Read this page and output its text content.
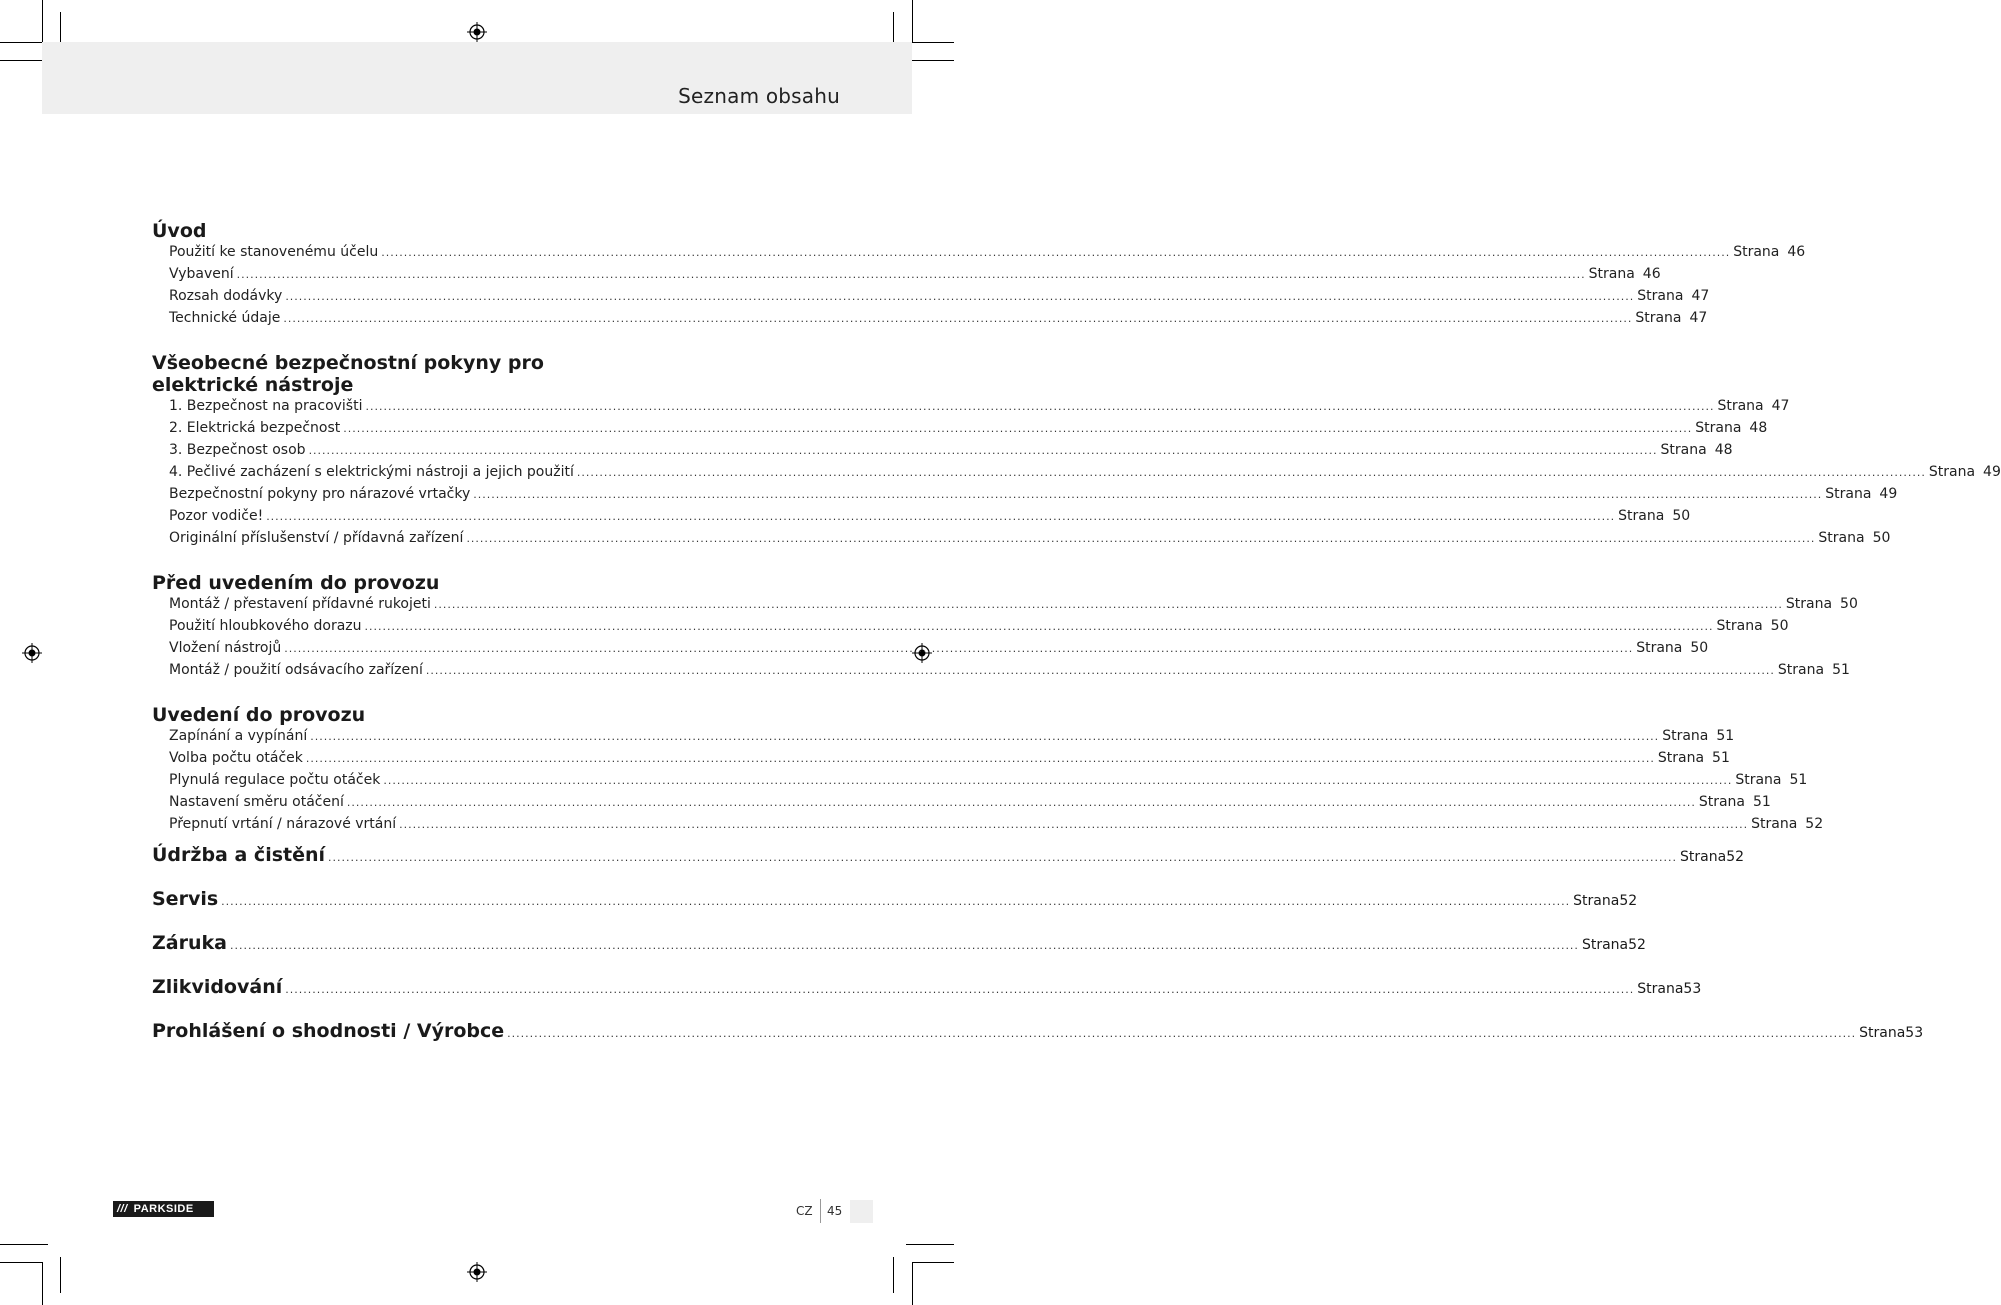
Seznam obsahu
Úvod
Použití ke stanovenému účelu ............................................................................................................................................................................................................................................................................................................ Strana 46
Vybavení ............................................................................................................................................................................................................................................................................................................ Strana 46
Rozsah dodávky ............................................................................................................................................................................................................................................................................................................ Strana 47
Technické údaje ............................................................................................................................................................................................................................................................................................................ Strana 47
Všeobecné bezpečnostní pokyny pro
elektrické nástroje
1. Bezpečnost na pracovišti ............................................................................................................................................................................................................................................................................................................ Strana 47
2. Elektrická bezpečnost ............................................................................................................................................................................................................................................................................................................ Strana 48
3. Bezpečnost osob ............................................................................................................................................................................................................................................................................................................ Strana 48
4. Pečlivé zacházení s elektrickými nástroji a jejich použití ............................................................................................................................................................................................................................................................................................................ Strana 49
Bezpečnostní pokyny pro nárazové vrtačky ............................................................................................................................................................................................................................................................................................................ Strana 49
Pozor vodiče! ............................................................................................................................................................................................................................................................................................................ Strana 50
Originální příslušenství / přídavná zařízení ............................................................................................................................................................................................................................................................................................................ Strana 50
Před uvedením do provozu
Montáž / přestavení přídavné rukojeti ............................................................................................................................................................................................................................................................................................................ Strana 50
Použití hloubkového dorazu ............................................................................................................................................................................................................................................................................................................ Strana 50
Vložení nástrojů ............................................................................................................................................................................................................................................................................................................ Strana 50
Montáž / použití odsávacího zařízení ............................................................................................................................................................................................................................................................................................................ Strana 51
Uvedení do provozu
Zapínání a vypínání ............................................................................................................................................................................................................................................................................................................ Strana 51
Volba počtu otáček ............................................................................................................................................................................................................................................................................................................ Strana 51
Plynulá regulace počtu otáček ............................................................................................................................................................................................................................................................................................................ Strana 51
Nastavení směru otáčení ............................................................................................................................................................................................................................................................................................................ Strana 51
Přepnutí vrtání / nárazové vrtání ............................................................................................................................................................................................................................................................................................................ Strana 52
Údržba a čistění ............................................................................................................................................................................................................................................................................................................ Strana 52
Servis ............................................................................................................................................................................................................................................................................................................ Strana 52
Záruka ............................................................................................................................................................................................................................................................................................................ Strana 52
Zlikvidování ............................................................................................................................................................................................................................................................................................................ Strana 53
Prohlášení o shodnosti / Výrobce ............................................................................................................................................................................................................................................................................................................ Strana 53
/// PARKSIDE	CZ 45
